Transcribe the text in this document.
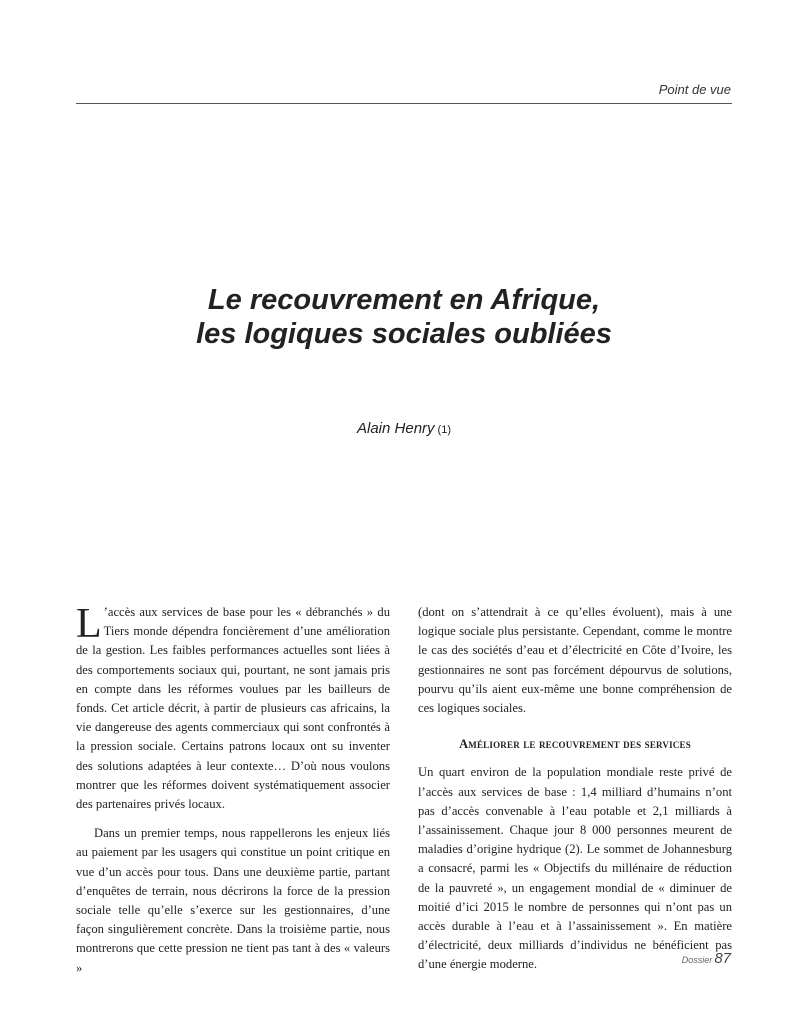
Point de vue
Le recouvrement en Afrique,
les logiques sociales oubliées
Alain Henry (1)

L ’accès aux services de base pour les « débranchés » du Tiers monde dépendra foncièrement d’une amélioration de la gestion. Les faibles performances actuelles sont liées à des comportements sociaux qui, pourtant, ne sont jamais pris en compte dans les réformes voulues par les bailleurs de fonds. Cet article décrit, à partir de plusieurs cas africains, la vie dangereuse des agents commerciaux qui sont confrontés à la pression sociale. Certains patrons locaux ont su inventer des solutions adaptées à leur contexte… D’où nous voulons montrer que les réformes doivent systématiquement associer des partenaires privés locaux.

Dans un premier temps, nous rappellerons les enjeux liés au paiement par les usagers qui constitue un point critique en vue d’un accès pour tous. Dans une deuxième partie, partant d’enquêtes de terrain, nous décrirons la force de la pression sociale telle qu’elle s’exerce sur les gestionnaires, d’une façon singulièrement concrète. Dans la troisième partie, nous montrerons que cette pression ne tient pas tant à des « valeurs »

(dont on s’attendrait à ce qu’elles évoluent), mais à une logique sociale plus persistante. Cependant, comme le montre le cas des sociétés d’eau et d’électricité en Côte d’Ivoire, les gestionnaires ne sont pas forcément dépourvus de solutions, pourvu qu’ils aient eux-même une bonne compréhension de ces logiques sociales.

Améliorer le recouvrement des services

Un quart environ de la population mondiale reste privé de l’accès aux services de base : 1,4 milliard d’humains n’ont pas d’accès convenable à l’eau potable et 2,1 milliards à l’assainissement. Chaque jour 8 000 personnes meurent de maladies d’origine hydrique (2). Le sommet de Johannesburg a consacré, parmi les « Objectifs du millénaire de réduction de la pauvreté », un engagement mondial de « diminuer de moitié d’ici 2015 le nombre de personnes qui n’ont pas un accès durable à l’eau et à l’assainissement ». En matière d’électricité, deux milliards d’individus ne bénéficient pas d’une énergie moderne.	Dossier 87
